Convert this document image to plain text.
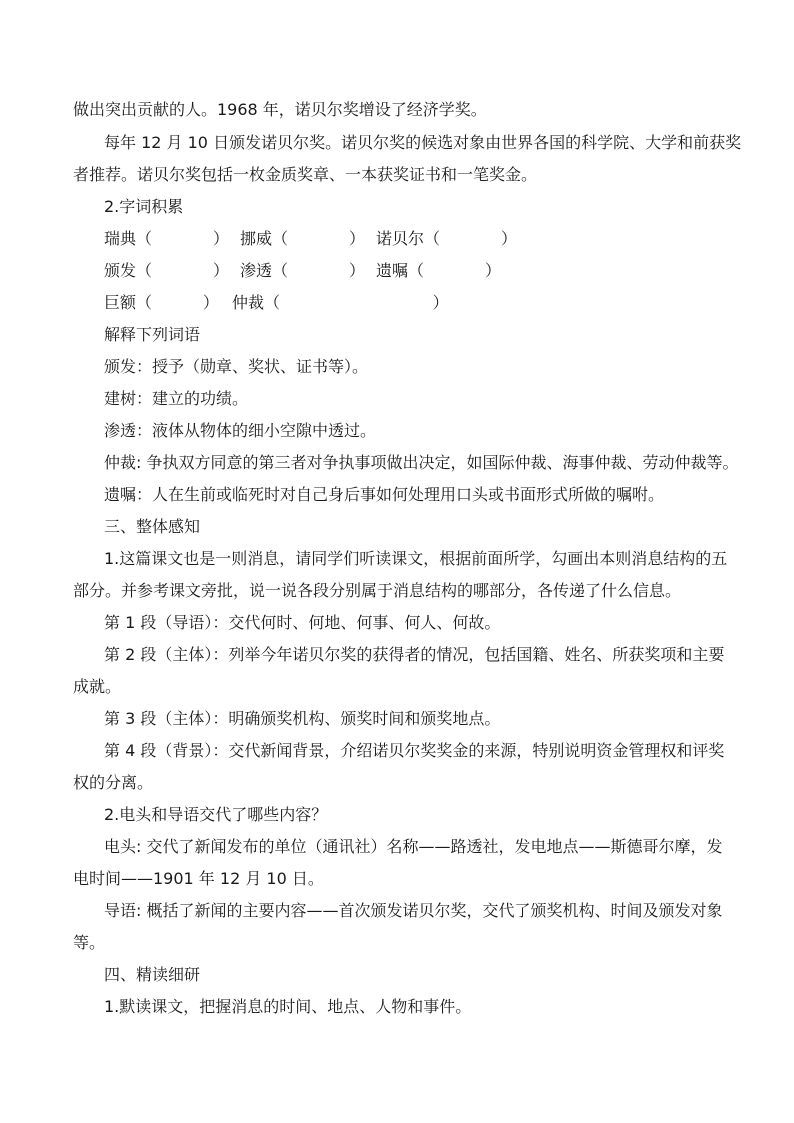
做出突出贡献的人。1968 年，诺贝尔奖增设了经济学奖。
每年 12 月 10 日颁发诺贝尔奖。诺贝尔奖的候选对象由世界各国的科学院、大学和前获奖
者推荐。诺贝尔奖包括一枚金质奖章、一本获奖证书和一笔奖金。
2.字词积累
瑞典（            ） 挪威（            ） 诺贝尔（            ）
颁发（            ） 渗透（            ） 遗嘱（            ）
巨额（          ） 仲裁（                              ）
解释下列词语
颁发：授予（勋章、奖状、证书等）。
建树：建立的功绩。
渗透：液体从物体的细小空隙中透过。
仲裁: 争执双方同意的第三者对争执事项做出决定，如国际仲裁、海事仲裁、劳动仲裁等。
遗嘱：人在生前或临死时对自己身后事如何处理用口头或书面形式所做的嘱咐。
三、整体感知
1.这篇课文也是一则消息，请同学们听读课文，根据前面所学，勾画出本则消息结构的五
部分。并参考课文旁批，说一说各段分别属于消息结构的哪部分，各传递了什么信息。
第 1 段（导语）：交代何时、何地、何事、何人、何故。
第 2 段（主体）：列举今年诺贝尔奖的获得者的情况，包括国籍、姓名、所获奖项和主要
成就。
第 3 段（主体）：明确颁奖机构、颁奖时间和颁奖地点。
第 4 段（背景）：交代新闻背景，介绍诺贝尔奖奖金的来源，特别说明资金管理权和评奖
权的分离。
2.电头和导语交代了哪些内容？
电头: 交代了新闻发布的单位（通讯社）名称——路透社，发电地点——斯德哥尔摩，发
电时间——1901 年 12 月 10 日。
导语: 概括了新闻的主要内容——首次颁发诺贝尔奖，交代了颁奖机构、时间及颁发对象
等。
四、精读细研
1.默读课文，把握消息的时间、地点、人物和事件。
